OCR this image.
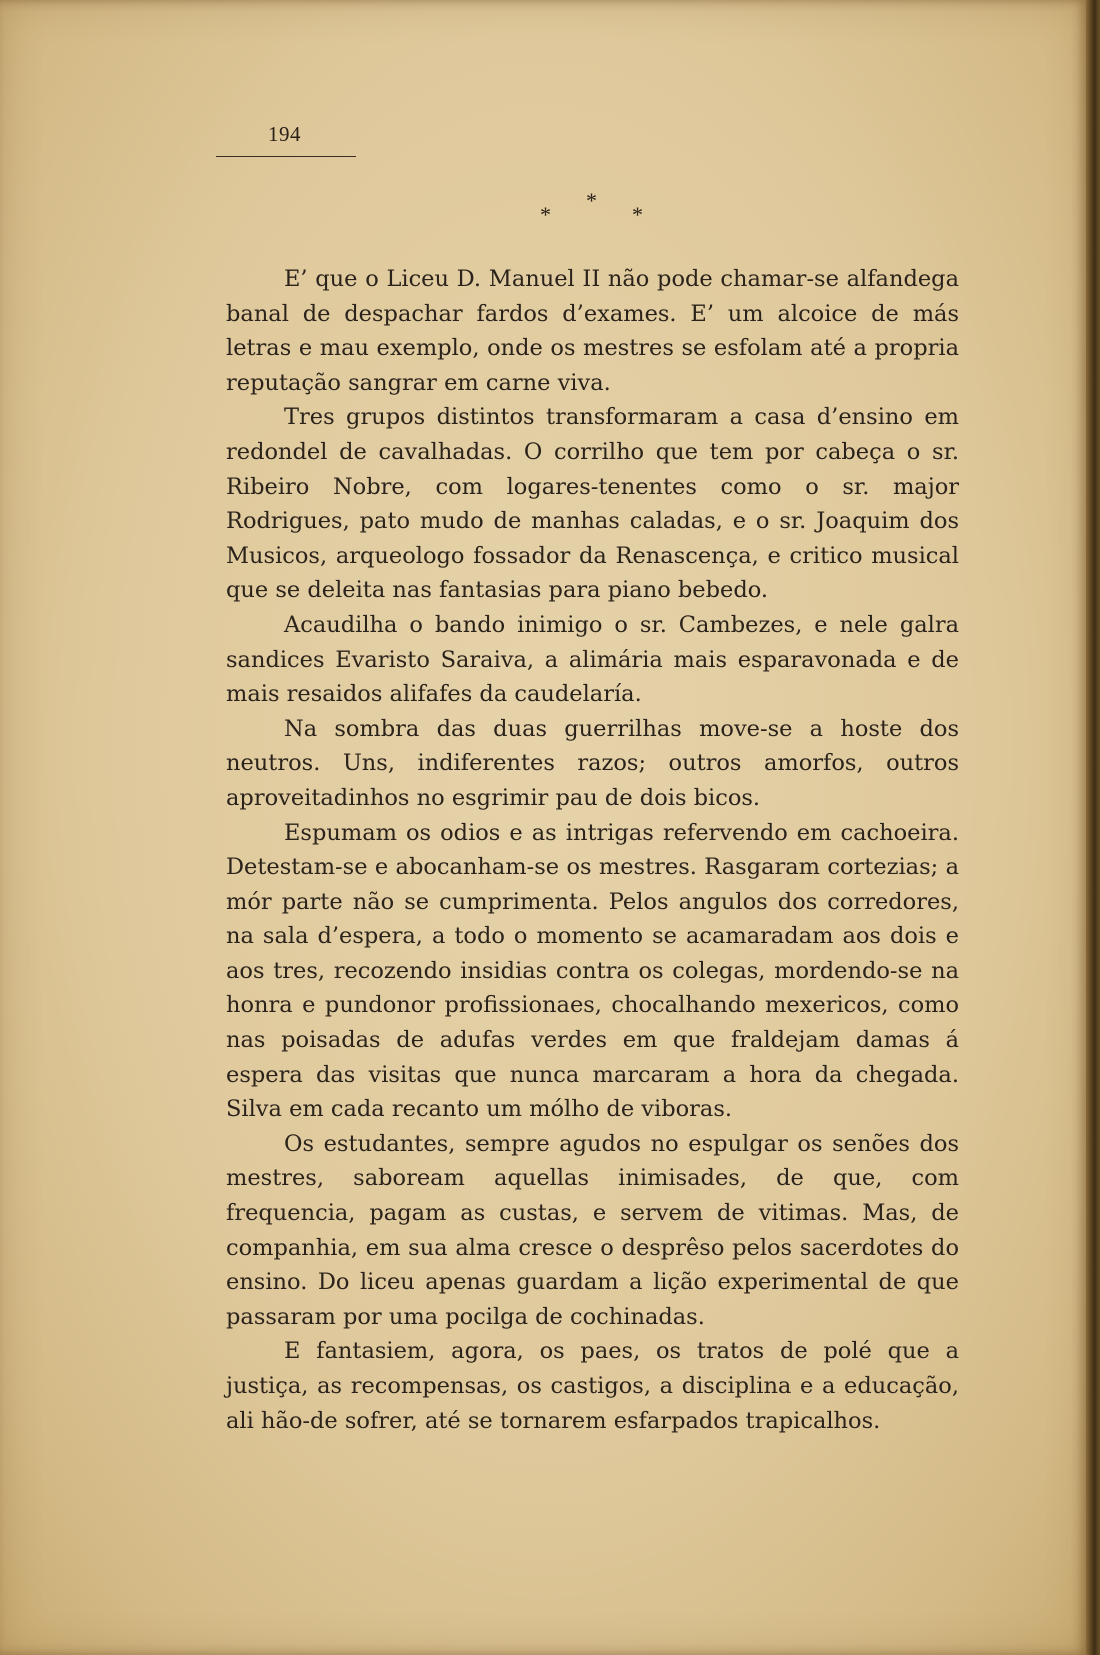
194
*
*	*

E’ que o Liceu D. Manuel II não pode chamar-se alfandega banal de despachar fardos d’exames. E’ um alcoice de más letras e mau exemplo, onde os mestres se esfolam até a propria reputação sangrar em carne viva.

Tres grupos distintos transformaram a casa d’ensino em redondel de cavalhadas. O corrilho que tem por cabeça o sr. Ribeiro Nobre, com logares-tenentes como o sr. major Rodrigues, pato mudo de manhas caladas, e o sr. Joaquim dos Musicos, arqueologo fossador da Renascença, e critico musical que se deleita nas fantasias para piano bebedo.

Acaudilha o bando inimigo o sr. Cambezes, e nele galra sandices Evaristo Saraiva, a alimária mais esparavonada e de mais resaidos alifafes da caudelaría.

Na sombra das duas guerrilhas move-se a hoste dos neutros. Uns, indiferentes razos; outros amorfos, outros aproveitadinhos no esgrimir pau de dois bicos.

Espumam os odios e as intrigas refervendo em cachoeira. Detestam-se e abocanham-se os mestres. Rasgaram cortezias; a mór parte não se cumprimenta. Pelos angulos dos corredores, na sala d’espera, a todo o momento se acamaradam aos dois e aos tres, recozendo insidias contra os colegas, mordendo-se na honra e pundonor profissionaes, chocalhando mexericos, como nas poisadas de adufas verdes em que fraldejam damas á espera das visitas que nunca marcaram a hora da chegada. Silva em cada recanto um mólho de viboras.

Os estudantes, sempre agudos no espulgar os senões dos mestres, saboream aquellas inimisades, de que, com frequencia, pagam as custas, e servem de vitimas. Mas, de companhia, em sua alma cresce o desprêso pelos sacerdotes do ensino. Do liceu apenas guardam a lição experimental de que passaram por uma pocilga de cochinadas.

E fantasiem, agora, os paes, os tratos de polé que a justiça, as recompensas, os castigos, a disciplina e a educação, ali hão-de sofrer, até se tornarem esfarpados trapicalhos.
